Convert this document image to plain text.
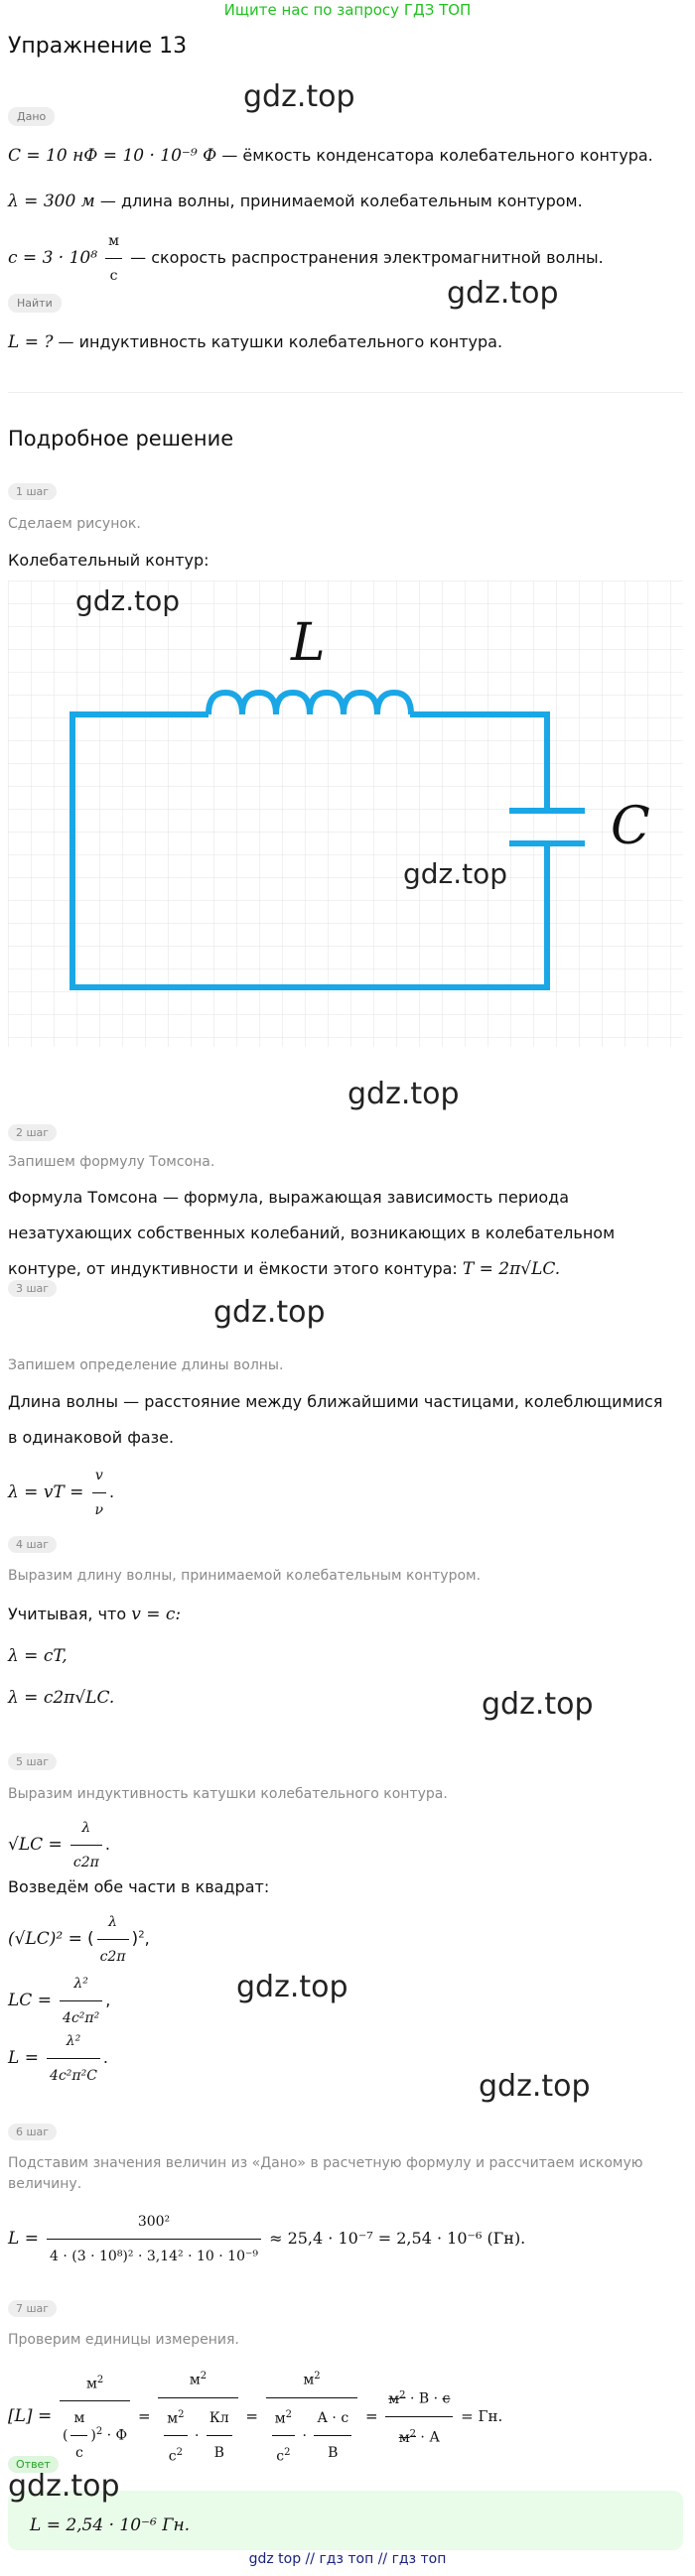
Ищите нас по запросу ГДЗ ТОП
Упражнение 13
gdz.top
Дано
C = 10 нФ = 10 · 10⁻⁹ Ф — ёмкость конденсатора колебательного контура.
λ = 300 м — длина волны, принимаемой колебательным контуром.
$c = 3 \cdot 10^8 \frac{м}{с}$ — скорость распространения электромагнитной волны.
gdz.top
Найти
L = ? — индуктивность катушки колебательного контура.
Подробное решение
1 шаг
Сделаем рисунок.
Колебательный контур:
L
C
gdz.top
gdz.top
gdz.top
2 шаг
Запишем формулу Томсона.
Формула Томсона — формула, выражающая зависимость периода
незатухающих собственных колебаний, возникающих в колебательном
контуре, от индуктивности и ёмкости этого контура: T = 2π√LC.
gdz.top
3 шаг
Запишем определение длины волны.
Длина волны — расстояние между ближайшими частицами, колеблющимися
в одинаковой фазе.
λ = vT = $\frac{v}{\nu}$ .
4 шаг
Выразим длину волны, принимаемой колебательным контуром.
Учитывая, что v = c:
λ = cT,
λ = c2π√LC.	gdz.top
5 шаг
Выразим индуктивность катушки колебательного контура.
$√LC = \frac{\lambda}{c2\pi}$ .
Возведём обе части в квадрат:
(√LC)² = ( $\frac{\lambda}{c2\pi} )^2$,
LC = $\frac{\text{λ²}}{\text{4c²π²}}$ ,
$L = \frac{\text{λ²}}{\text{4c²π²C}}$ .
gdz.top
gdz.top
6 шаг
Подставим значения величин из «Дано» в расчетную формулу и рассчитаем искомую
величину.
$L = \frac{\text{300²}}{\text{4 · (3 · 10⁸)² · 3,14² · 10 · 10⁻⁹}} \approx 25,4 \cdot 10^{-7} = 2,54 \cdot 10^{-6}$ (Гн).
7 шаг
Проверим единицы измерения.
$[L] = \frac{м^2}{( \frac{м}{с} )^2 \cdot Ф} = \frac{м^2}{\frac{м^2}{с^2} \cdot \frac{Кл}{В}} = \frac{м^2}{\frac{м^2}{с^2} \cdot \frac{А \cdot с}{В}} = \frac{м^2 \cdot В \cdot с}{м^2 \cdot А}$ = Гн.
Ответ
gdz.top
L = 2,54 · 10⁻⁶ Гн.
gdz top // гдз топ // гдз топ
